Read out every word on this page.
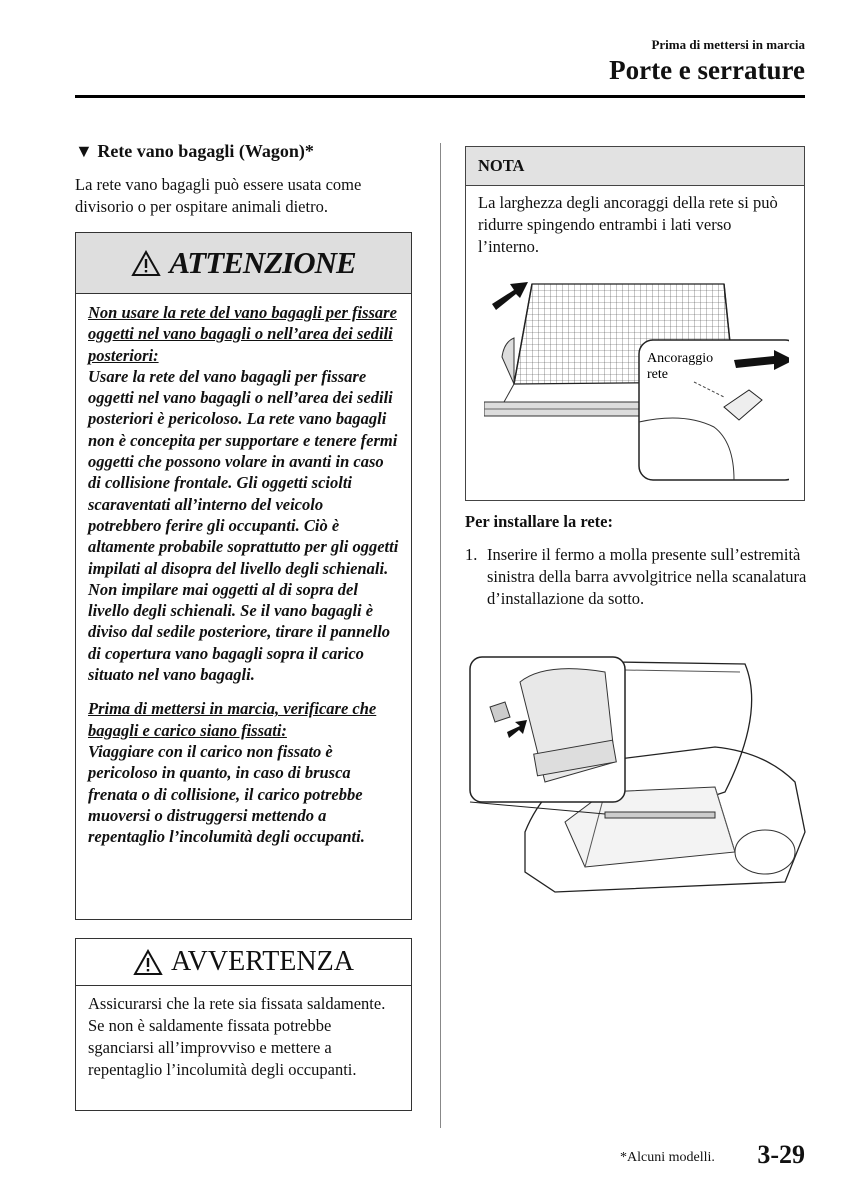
Prima di mettersi in marcia
Porte e serrature
▼ Rete vano bagagli (Wagon)*
La rete vano bagagli può essere usata come divisorio o per ospitare animali dietro.
ATTENZIONE

Non usare la rete del vano bagagli per fissare oggetti nel vano bagagli o nell’area dei sedili posteriori:
Usare la rete del vano bagagli per fissare oggetti nel vano bagagli o nell’area dei sedili posteriori è pericoloso. La rete vano bagagli non è concepita per supportare e tenere fermi oggetti che possono volare in avanti in caso di collisione frontale. Gli oggetti sciolti scaraventati all’interno del veicolo potrebbero ferire gli occupanti. Ciò è altamente probabile soprattutto per gli oggetti impilati al disopra del livello degli schienali. Non impilare mai oggetti al di sopra del livello degli schienali. Se il vano bagagli è diviso dal sedile posteriore, tirare il pannello di copertura vano bagagli sopra il carico situato nel vano bagagli.

Prima di mettersi in marcia, verificare che bagagli e carico siano fissati:
Viaggiare con il carico non fissato è pericoloso in quanto, in caso di brusca frenata o di collisione, il carico potrebbe muoversi o distruggersi mettendo a repentaglio l’incolumità degli occupanti.

AVVERTENZA
Assicurarsi che la rete sia fissata saldamente. Se non è saldamente fissata potrebbe sganciarsi all’improvviso e mettere a repentaglio l’incolumità degli occupanti.
NOTA
La larghezza degli ancoraggi della rete si può ridurre spingendo entrambi i lati verso l’interno.
Ancoraggio
rete
Per installare la rete:
1. Inserire il fermo a molla presente sull’estremità sinistra della barra avvolgitrice nella scanalatura d’installazione da sotto.
*Alcuni modelli. 3-29
